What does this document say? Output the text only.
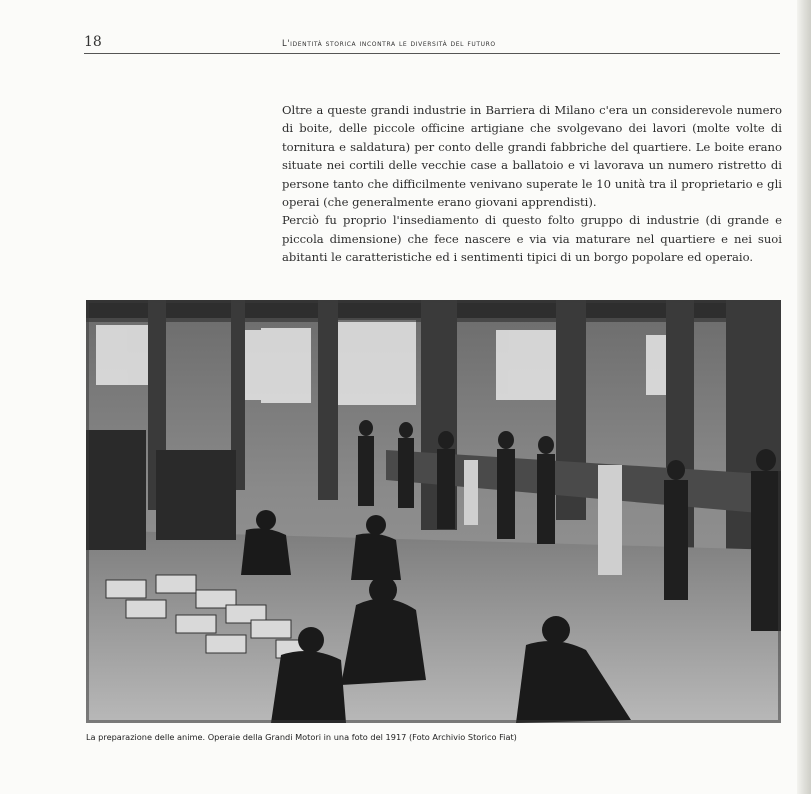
18	L'identità storica incontra le diversità del futuro

Oltre a queste grandi industrie in Barriera di Milano c'era un considerevole numero di boite, delle piccole officine artigiane che svolgevano dei lavori (molte volte di tornitura e saldatura) per conto delle grandi fabbriche del quartiere. Le boite erano situate nei cortili delle vecchie case a ballatoio e vi lavorava un numero ristretto di persone tanto che difficilmente venivano superate le 10 unità tra il proprietario e gli operai (che generalmente erano giovani apprendisti).

Perciò fu proprio l'insediamento di questo folto gruppo di industrie (di grande e piccola dimensione) che fece nascere e via via maturare nel quartiere e nei suoi abitanti le caratteristiche ed i sentimenti tipici di un borgo popolare ed operaio.

La preparazione delle anime. Operaie della Grandi Motori in una foto del 1917 (Foto Archivio Storico Fiat)
